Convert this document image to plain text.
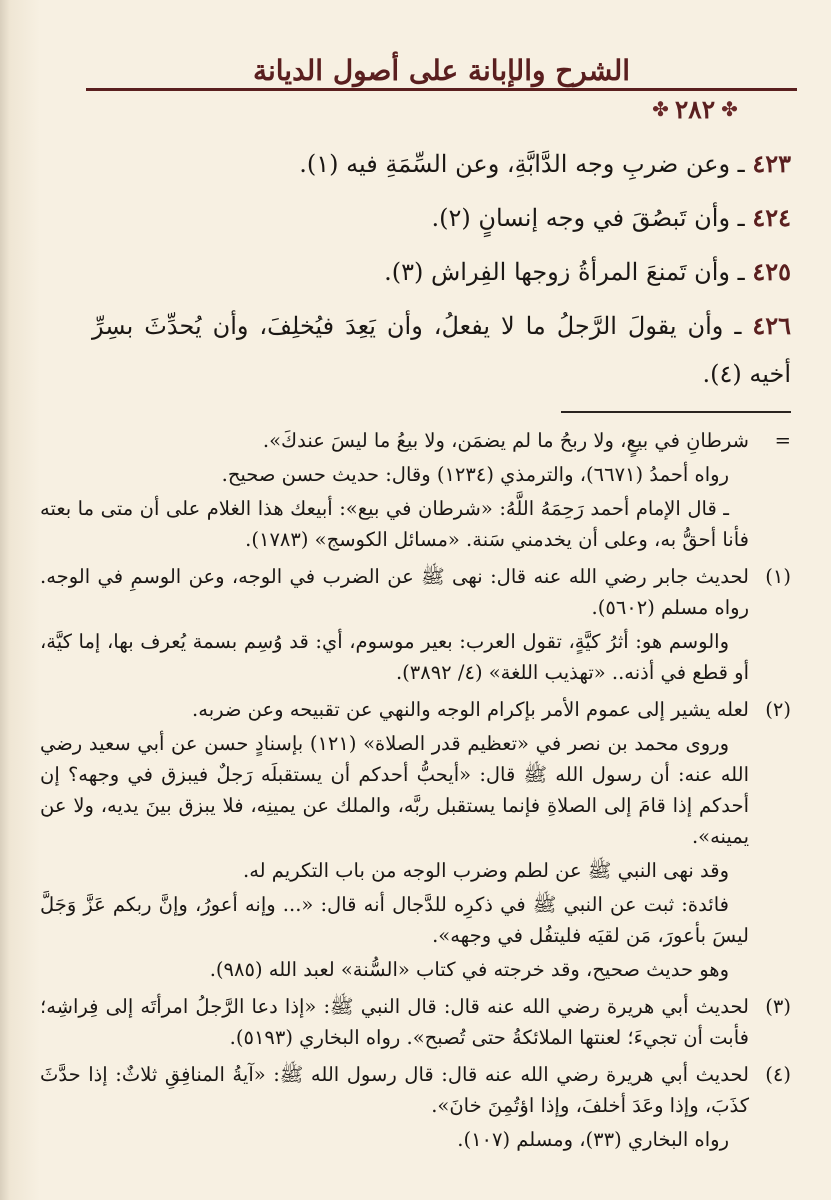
الشرح والإبانة على أصول الديانة
✤ ٢٨٢ ✤

٤٢٣ ـ وعن ضربِ وجه الدَّابَّةِ، وعن السِّمَةِ فيه (١).

٤٢٤ ـ وأن تَبصُقَ في وجه إنسانٍ (٢).

٤٢٥ ـ وأن تَمنعَ المرأةُ زوجها الفِراش (٣).

٤٢٦ ـ وأن يقولَ الرَّجلُ ما لا يفعلُ، وأن يَعِدَ فيُخلِفَ، وأن يُحدِّثَ بسِرِّ أخيه (٤).

=

شرطانِ في بيعٍ، ولا ربحُ ما لم يضمَن، ولا بيعُ ما ليسَ عندكَ».

رواه أحمدُ (٦٦٧١)، والترمذي (١٢٣٤) وقال: حديث حسن صحيح.

ـ قال الإمام أحمد رَحِمَهُ اللَّهُ: «شرطان في بيع»: أبيعك هذا الغلام على أن متى ما بعته فأنا أحقُّ به، وعلى أن يخدمني سَنة. «مسائل الكوسج» (١٧٨٣).

(١)

لحديث جابر رضي الله عنه قال: نهى ﷺ عن الضرب في الوجه، وعن الوسمِ في الوجه. رواه مسلم (٥٦٠٢).

والوسم هو: أثرُ كيَّةٍ، تقول العرب: بعير موسوم، أي: قد وُسِم بسمة يُعرف بها، إما كيَّة، أو قطع في أذنه.. «تهذيب اللغة» (٤/ ٣٨٩٢).

(٢)

لعله يشير إلى عموم الأمر بإكرام الوجه والنهي عن تقبيحه وعن ضربه.

وروى محمد بن نصر في «تعظيم قدر الصلاة» (١٢١) بإسنادٍ حسن عن أبي سعيد رضي الله عنه: أن رسول الله ﷺ قال: «أيحبُّ أحدكم أن يستقبلَه رَجلٌ فيبزق في وجهه؟ إن أحدكم إذا قامَ إلى الصلاةِ فإنما يستقبل ربَّه، والملك عن يمينِه، فلا يبزق بينَ يديه، ولا عن يمينه».

وقد نهى النبي ﷺ عن لطم وضرب الوجه من باب التكريم له.

فائدة: ثبت عن النبي ﷺ في ذكرِه للدَّجال أنه قال: «... وإنه أعورُ، وإنَّ ربكم عَزَّ وَجَلَّ ليسَ بأعورَ، مَن لقيَه فليتفُل في وجهه».

وهو حديث صحيح، وقد خرجته في كتاب «السُّنة» لعبد الله (٩٨٥).

(٣)

لحديث أبي هريرة رضي الله عنه قال: قال النبي ﷺ: «إذا دعا الرَّجلُ امرأتَه إلى فِراشِه؛ فأبت أن تجيءَ؛ لعنتها الملائكةُ حتى تُصبح». رواه البخاري (٥١٩٣).

(٤)

لحديث أبي هريرة رضي الله عنه قال: قال رسول الله ﷺ: «آيةُ المنافِقِ ثلاثٌ: إذا حدَّثَ كذَبَ، وإذا وعَدَ أخلفَ، وإذا اؤتُمِنَ خانَ».

رواه البخاري (٣٣)، ومسلم (١٠٧).
